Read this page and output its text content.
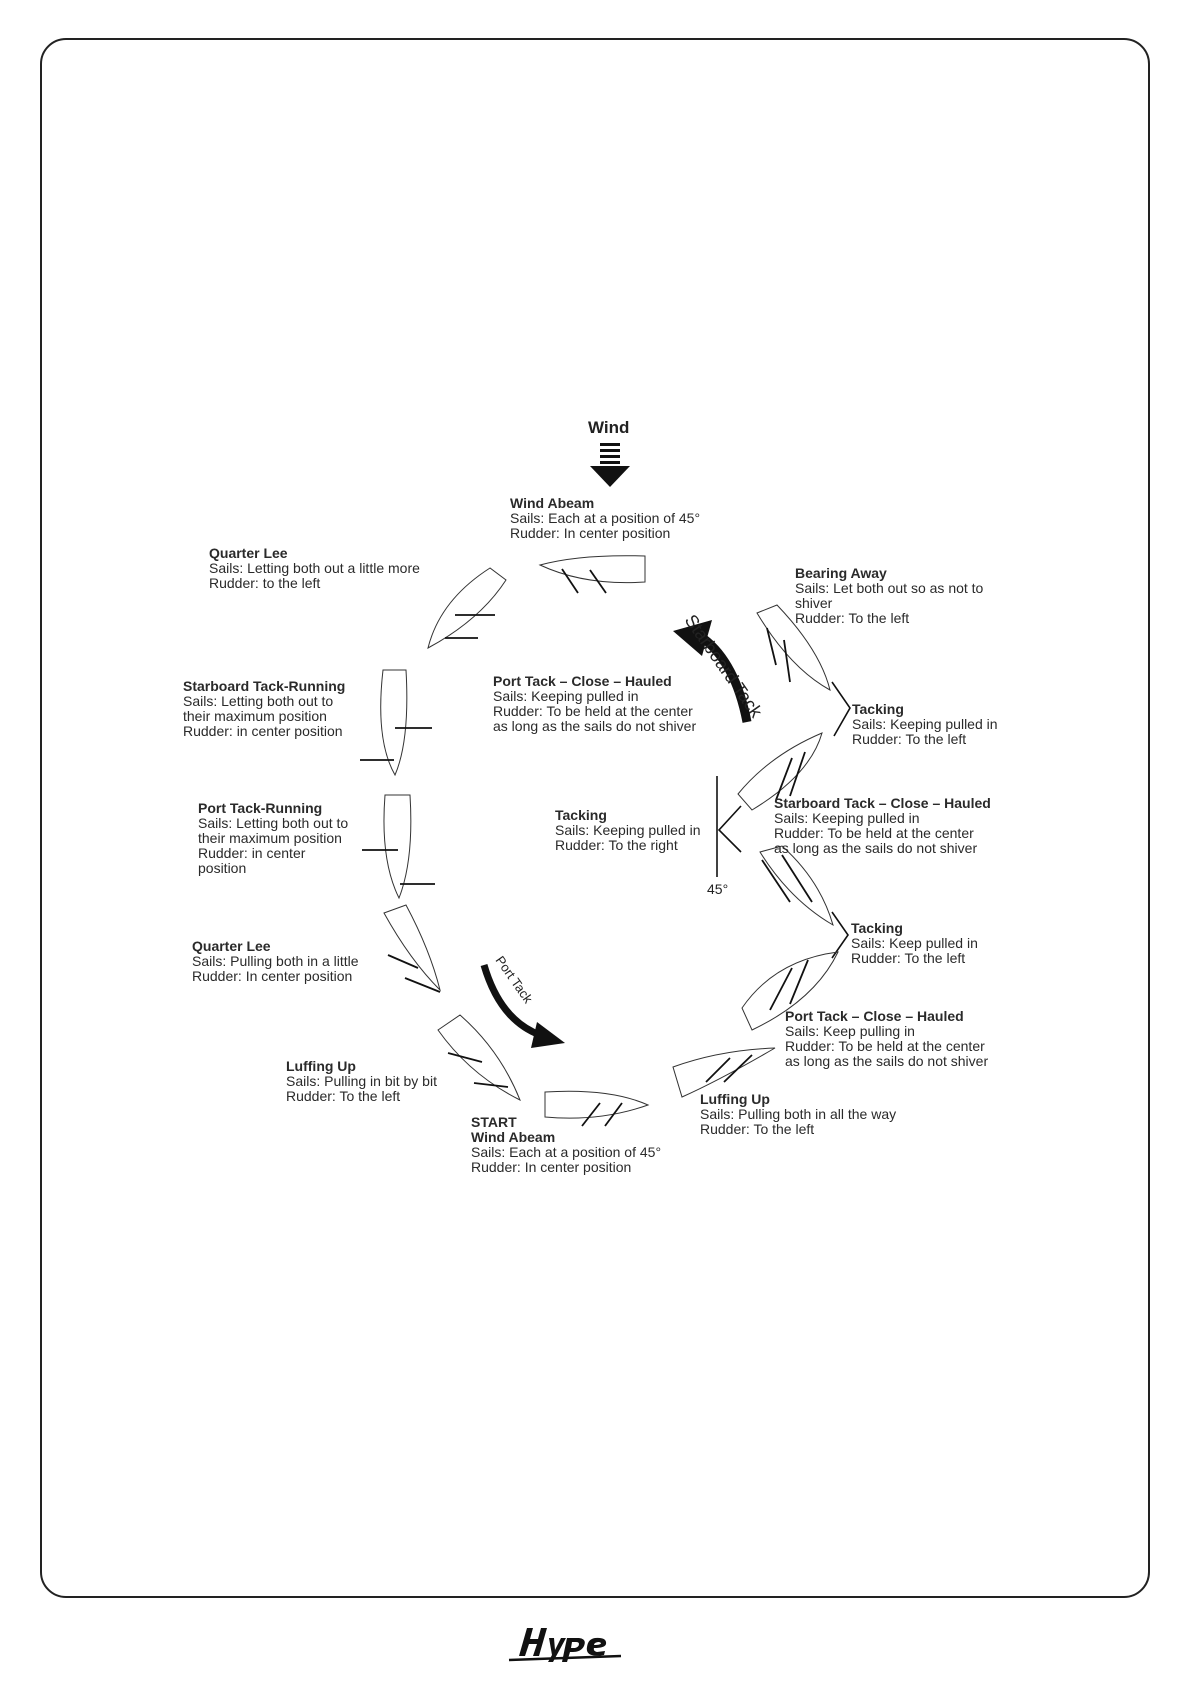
Wind
45°
Starboard Tack
Port Tack
Wind Abeam
Sails: Each at a position of 45°
Rudder: In center position
Quarter Lee
Sails: Letting both out a little more
Rudder: to the left
Bearing Away
Sails: Let both out so as not to
shiver
Rudder: To the left
Port Tack – Close – Hauled
Sails: Keeping pulled in
Rudder: To be held at the center
as long as the sails do not shiver
Starboard Tack-Running
Sails: Letting both out to
their maximum position
Rudder: in center position
Tacking
Sails: Keeping pulled in
Rudder: To the left
Port Tack-Running
Sails: Letting both out to
their maximum position
Rudder: in center
position
Starboard Tack – Close – Hauled
Sails: Keeping pulled in
Rudder: To be held at the center
as long as the sails do not shiver
Tacking
Sails: Keeping pulled in
Rudder: To the right
Tacking
Sails: Keep pulled in
Rudder: To the left
Quarter Lee
Sails: Pulling both in a little
Rudder: In center position
Port Tack – Close – Hauled
Sails: Keep pulling in
Rudder: To be held at the center
as long as the sails do not shiver
Luffing Up
Sails: Pulling in bit by bit
Rudder: To the left	Luffing Up
Sails: Pulling both in all the way
Rudder: To the left
START
Wind Abeam
Sails: Each at a position of 45°
Rudder: In center position
